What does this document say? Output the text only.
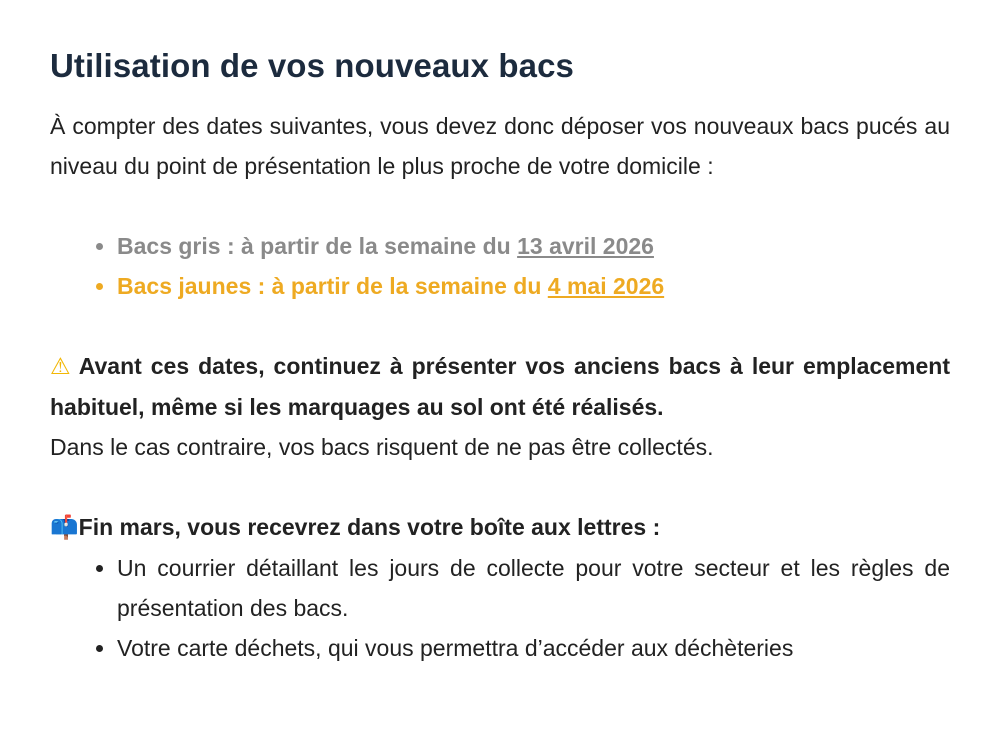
Utilisation de vos nouveaux bacs

À compter des dates suivantes, vous devez donc déposer vos nouveaux bacs pucés au niveau du point de présentation le plus proche de votre domicile :

• Bacs gris : à partir de la semaine du 13 avril 2026
• Bacs jaunes : à partir de la semaine du 4 mai 2026

⚠ Avant ces dates, continuez à présenter vos anciens bacs à leur emplacement habituel, même si les marquages au sol ont été réalisés.

Dans le cas contraire, vos bacs risquent de ne pas être collectés.

📫Fin mars, vous recevrez dans votre boîte aux lettres :

• Un courrier détaillant les jours de collecte pour votre secteur et les règles de présentation des bacs.
• Votre carte déchets, qui vous permettra d’accéder aux déchèteries
